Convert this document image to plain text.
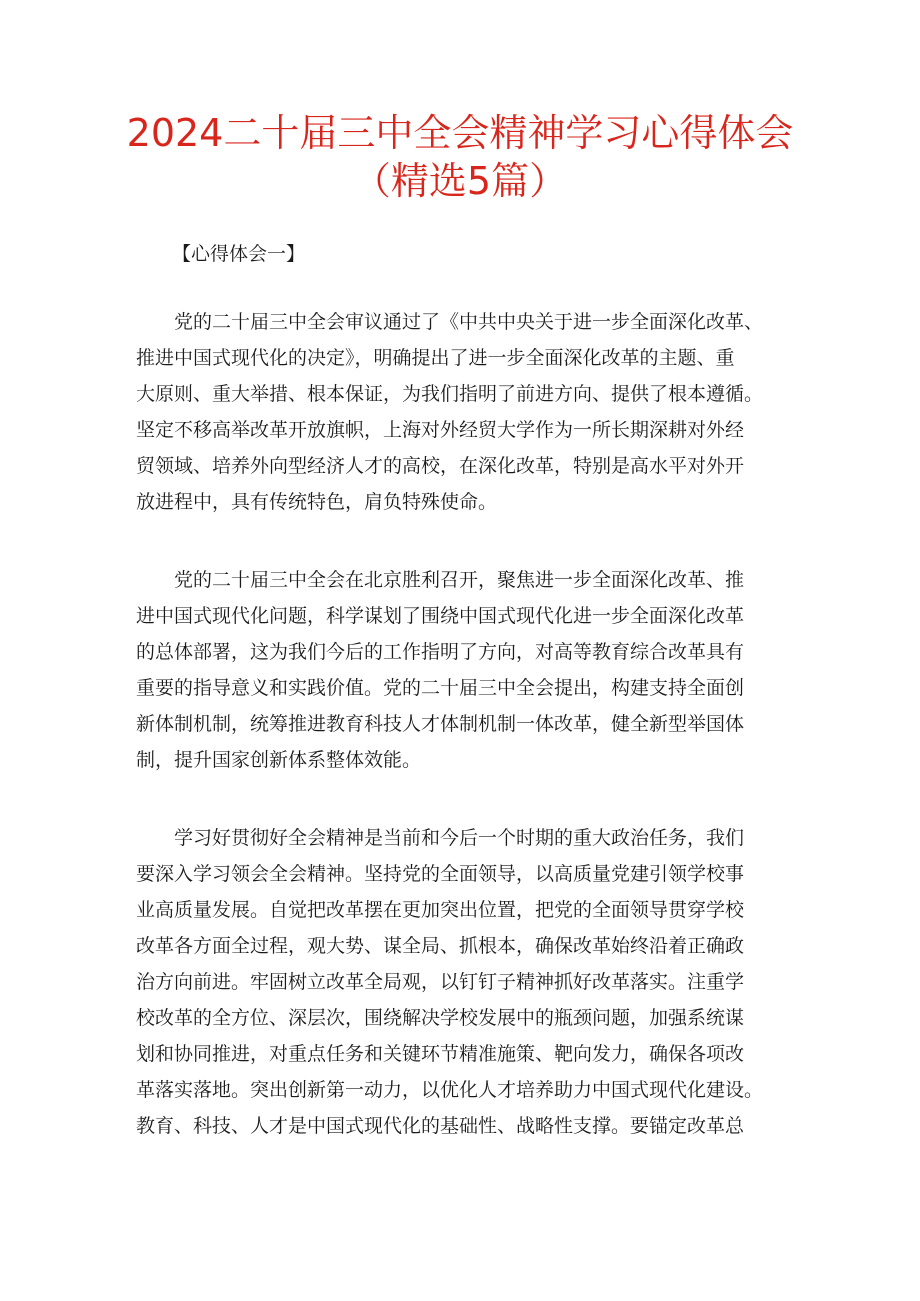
2024二十届三中全会精神学习心得体会
（精选5篇）
【心得体会一】
　　党的二十届三中全会审议通过了《中共中央关于进一步全面深化改革、
推进中国式现代化的决定》，明确提出了进一步全面深化改革的主题、重
大原则、重大举措、根本保证，为我们指明了前进方向、提供了根本遵循。
坚定不移高举改革开放旗帜，上海对外经贸大学作为一所长期深耕对外经
贸领域、培养外向型经济人才的高校，在深化改革，特别是高水平对外开
放进程中，具有传统特色，肩负特殊使命。
　　党的二十届三中全会在北京胜利召开，聚焦进一步全面深化改革、推
进中国式现代化问题，科学谋划了围绕中国式现代化进一步全面深化改革
的总体部署，这为我们今后的工作指明了方向，对高等教育综合改革具有
重要的指导意义和实践价值。党的二十届三中全会提出，构建支持全面创
新体制机制，统筹推进教育科技人才体制机制一体改革，健全新型举国体
制，提升国家创新体系整体效能。
　　学习好贯彻好全会精神是当前和今后一个时期的重大政治任务，我们
要深入学习领会全会精神。坚持党的全面领导，以高质量党建引领学校事
业高质量发展。自觉把改革摆在更加突出位置，把党的全面领导贯穿学校
改革各方面全过程，观大势、谋全局、抓根本，确保改革始终沿着正确政
治方向前进。牢固树立改革全局观，以钉钉子精神抓好改革落实。注重学
校改革的全方位、深层次，围绕解决学校发展中的瓶颈问题，加强系统谋
划和协同推进，对重点任务和关键环节精准施策、靶向发力，确保各项改
革落实落地。突出创新第一动力，以优化人才培养助力中国式现代化建设。
教育、科技、人才是中国式现代化的基础性、战略性支撑。要锚定改革总
